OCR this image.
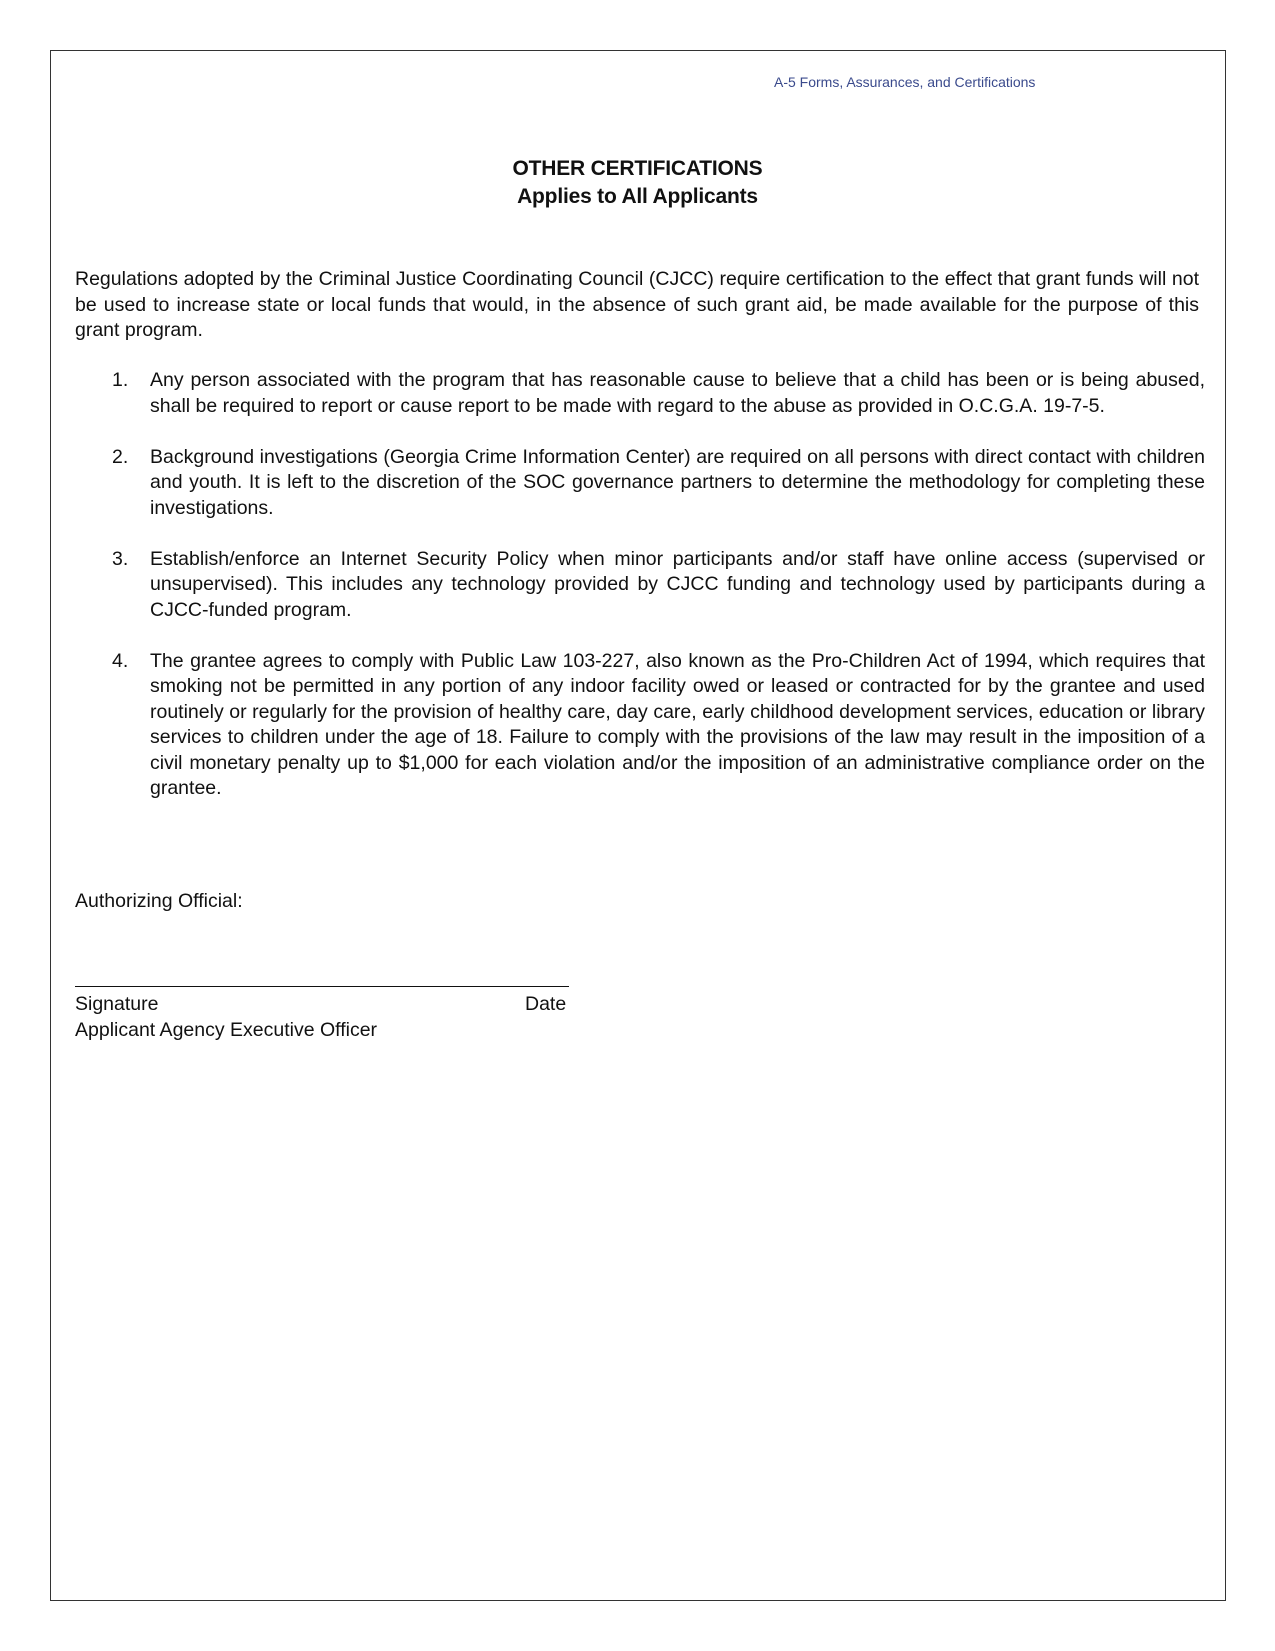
A-5 Forms, Assurances, and Certifications
OTHER CERTIFICATIONS
Applies to All Applicants
Regulations adopted by the Criminal Justice Coordinating Council (CJCC) require certification to the effect that grant funds will not be used to increase state or local funds that would, in the absence of such grant aid, be made available for the purpose of this grant program.
1. Any person associated with the program that has reasonable cause to believe that a child has been or is being abused, shall be required to report or cause report to be made with regard to the abuse as provided in O.C.G.A. 19-7-5.
2. Background investigations (Georgia Crime Information Center) are required on all persons with direct contact with children and youth. It is left to the discretion of the SOC governance partners to determine the methodology for completing these investigations.
3. Establish/enforce an Internet Security Policy when minor participants and/or staff have online access (supervised or unsupervised). This includes any technology provided by CJCC funding and technology used by participants during a CJCC-funded program.
4. The grantee agrees to comply with Public Law 103-227, also known as the Pro-Children Act of 1994, which requires that smoking not be permitted in any portion of any indoor facility owed or leased or contracted for by the grantee and used routinely or regularly for the provision of healthy care, day care, early childhood development services, education or library services to children under the age of 18. Failure to comply with the provisions of the law may result in the imposition of a civil monetary penalty up to $1,000 for each violation and/or the imposition of an administrative compliance order on the grantee.
Authorizing Official:
Signature	Date
Applicant Agency Executive Officer
